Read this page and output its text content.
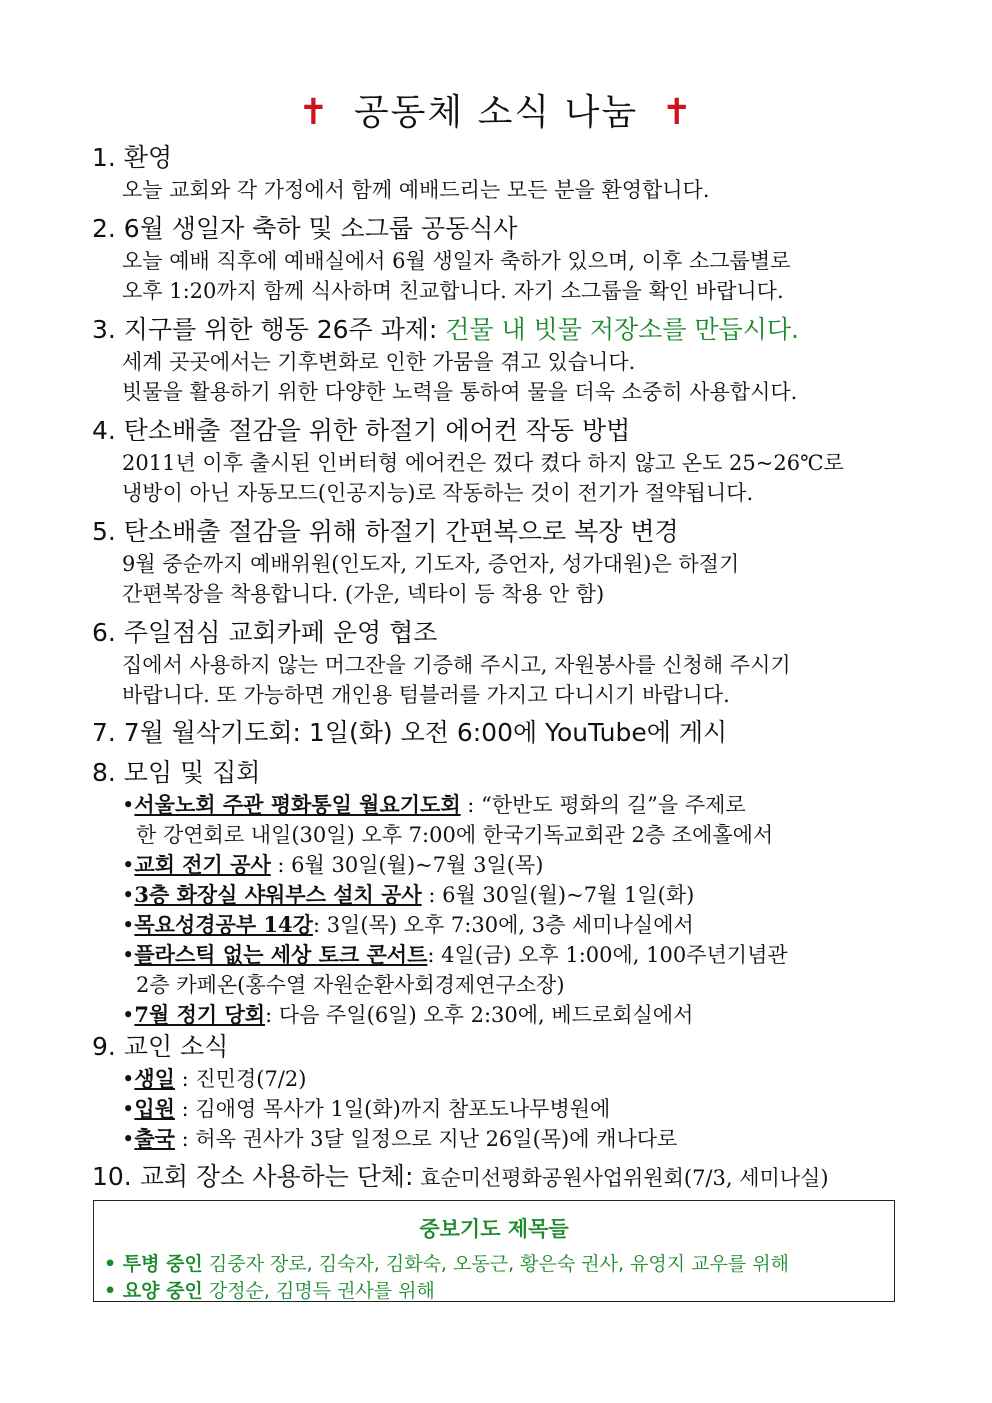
✝ 공동체 소식 나눔 ✝
1. 환영
오늘 교회와 각 가정에서 함께 예배드리는 모든 분을 환영합니다.
2. 6월 생일자 축하 및 소그룹 공동식사
오늘 예배 직후에 예배실에서 6월 생일자 축하가 있으며, 이후 소그룹별로
오후 1:20까지 함께 식사하며 친교합니다. 자기 소그룹을 확인 바랍니다.
3. 지구를 위한 행동 26주 과제: 건물 내 빗물 저장소를 만듭시다.
세계 곳곳에서는 기후변화로 인한 가뭄을 겪고 있습니다.
빗물을 활용하기 위한 다양한 노력을 통하여 물을 더욱 소중히 사용합시다.
4. 탄소배출 절감을 위한 하절기 에어컨 작동 방법
2011년 이후 출시된 인버터형 에어컨은 껐다 켰다 하지 않고 온도 25~26℃로
냉방이 아닌 자동모드(인공지능)로 작동하는 것이 전기가 절약됩니다.
5. 탄소배출 절감을 위해 하절기 간편복으로 복장 변경
9월 중순까지 예배위원(인도자, 기도자, 증언자, 성가대원)은 하절기
간편복장을 착용합니다. (가운, 넥타이 등 착용 안 함)
6. 주일점심 교회카페 운영 협조
집에서 사용하지 않는 머그잔을 기증해 주시고, 자원봉사를 신청해 주시기
바랍니다. 또 가능하면 개인용 텀블러를 가지고 다니시기 바랍니다.
7. 7월 월삭기도회: 1일(화) 오전 6:00에 YouTube에 게시
8. 모임 및 집회
•서울노회 주관 평화통일 월요기도회 : “한반도 평화의 길”을 주제로
한 강연회로 내일(30일) 오후 7:00에 한국기독교회관 2층 조에홀에서
•교회 전기 공사 : 6월 30일(월)~7월 3일(목)
•3층 화장실 샤워부스 설치 공사 : 6월 30일(월)~7월 1일(화)
•목요성경공부 14강: 3일(목) 오후 7:30에, 3층 세미나실에서
•플라스틱 없는 세상 토크 콘서트: 4일(금) 오후 1:00에, 100주년기념관
2층 카페온(홍수열 자원순환사회경제연구소장)
•7월 정기 당회: 다음 주일(6일) 오후 2:30에, 베드로회실에서
9. 교인 소식
•생일 : 진민경(7/2)
•입원 : 김애영 목사가 1일(화)까지 참포도나무병원에
•출국 : 허옥 권사가 3달 일정으로 지난 26일(목)에 캐나다로
10. 교회 장소 사용하는 단체: 효순미선평화공원사업위원회(7/3, 세미나실)
중보기도 제목들
• 투병 중인 김중자 장로, 김숙자, 김화숙, 오동근, 황은숙 권사, 유영지 교우를 위해
• 요양 중인 강정순, 김명득 권사를 위해
